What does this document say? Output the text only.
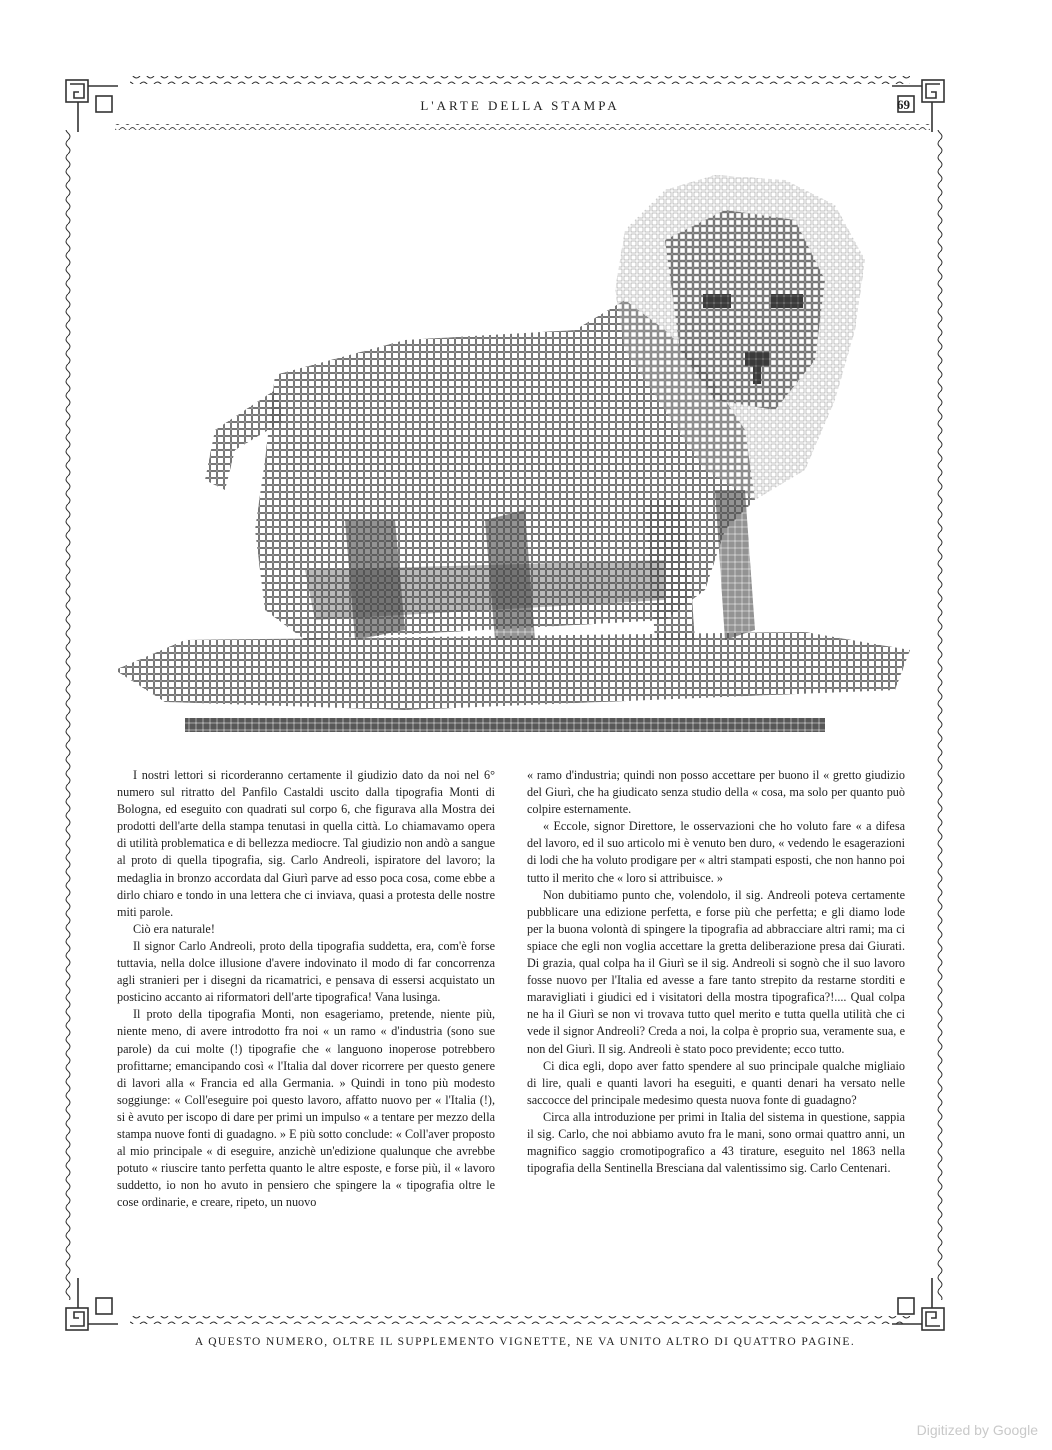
L'ARTE DELLA STAMPA	69

I nostri lettori si ricorderanno certamente il giudizio dato da noi nel 6° numero sul ritratto del Panfilo Castaldi uscito dalla tipografia Monti di Bologna, ed eseguito con quadrati sul corpo 6, che figurava alla Mostra dei prodotti dell'arte della stampa tenutasi in quella città. Lo chiamavamo opera di utilità problematica e di bellezza mediocre. Tal giudizio non andò a sangue al proto di quella tipografia, sig. Carlo Andreoli, ispiratore del lavoro; la medaglia in bronzo accordata dal Giurì parve ad esso poca cosa, come ebbe a dirlo chiaro e tondo in una lettera che ci inviava, quasi a protesta delle nostre miti parole.

Ciò era naturale!

Il signor Carlo Andreoli, proto della tipografia suddetta, era, com'è forse tuttavia, nella dolce illusione d'avere indovinato il modo di far concorrenza agli stranieri per i disegni da ricamatrici, e pensava di essersi acquistato un posticino accanto ai riformatori dell'arte tipografica! Vana lusinga.

Il proto della tipografia Monti, non esageriamo, pretende, niente più, niente meno, di avere introdotto fra noi « un ramo « d'industria (sono sue parole) da cui molte (!) tipografie che « languono inoperose potrebbero profittarne; emancipando così « l'Italia dal dover ricorrere per questo genere di lavori alla « Francia ed alla Germania. » Quindi in tono più modesto soggiunge: « Coll'eseguire poi questo lavoro, affatto nuovo per « l'Italia (!), si è avuto per iscopo di dare per primi un impulso « a tentare per mezzo della stampa nuove fonti di guadagno. » E più sotto conclude: « Coll'aver proposto al mio principale « di eseguire, anzichè un'edizione qualunque che avrebbe potuto « riuscire tanto perfetta quanto le altre esposte, e forse più, il « lavoro suddetto, io non ho avuto in pensiero che spingere la « tipografia oltre le cose ordinarie, e creare, ripeto, un nuovo

« ramo d'industria; quindi non posso accettare per buono il « gretto giudizio del Giurì, che ha giudicato senza studio della « cosa, ma solo per quanto può colpire esternamente.

« Eccole, signor Direttore, le osservazioni che ho voluto fare « a difesa del lavoro, ed il suo articolo mi è venuto ben duro, « vedendo le esagerazioni di lodi che ha voluto prodigare per « altri stampati esposti, che non hanno poi tutto il merito che « loro si attribuisce. »

Non dubitiamo punto che, volendolo, il sig. Andreoli poteva certamente pubblicare una edizione perfetta, e forse più che perfetta; e gli diamo lode per la buona volontà di spingere la tipografia ad abbracciare altri rami; ma ci spiace che egli non voglia accettare la gretta deliberazione presa dai Giurati. Di grazia, qual colpa ha il Giurì se il sig. Andreoli si sognò che il suo lavoro fosse nuovo per l'Italia ed avesse a fare tanto strepito da restarne storditi e maravigliati i giudici ed i visitatori della mostra tipografica?!.... Qual colpa ne ha il Giurì se non vi trovava tutto quel merito e tutta quella utilità che ci vede il signor Andreoli? Creda a noi, la colpa è proprio sua, veramente sua, e non del Giurì. Il sig. Andreoli è stato poco previdente; ecco tutto.

Ci dica egli, dopo aver fatto spendere al suo principale qualche migliaio di lire, quali e quanti lavori ha eseguiti, e quanti denari ha versato nelle saccocce del principale medesimo questa nuova fonte di guadagno?

Circa alla introduzione per primi in Italia del sistema in questione, sappia il sig. Carlo, che noi abbiamo avuto fra le mani, sono ormai quattro anni, un magnifico saggio cromotipografico a 43 tirature, eseguito nel 1863 nella tipografia della Sentinella Bresciana dal valentissimo sig. Carlo Centenari.

A QUESTO NUMERO, OLTRE IL SUPPLEMENTO VIGNETTE, NE VA UNITO ALTRO DI QUATTRO PAGINE.
Digitized by Google
